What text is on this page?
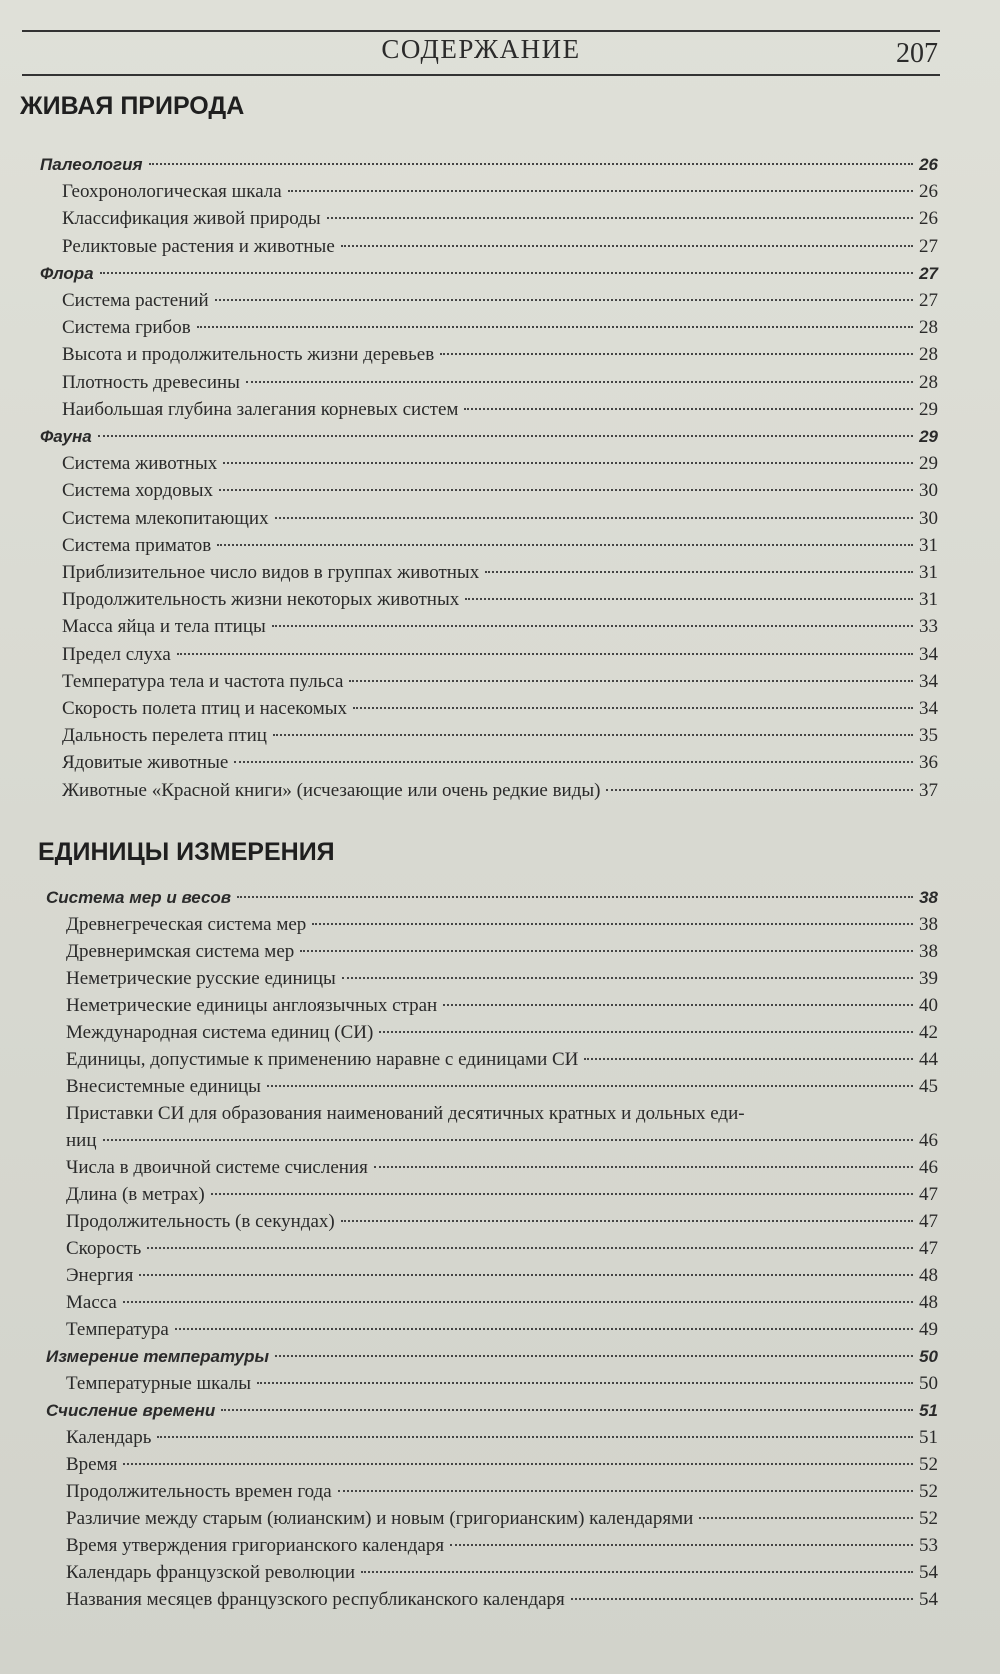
СОДЕРЖАНИЕ	207
ЖИВАЯ ПРИРОДА
ЕДИНИЦЫ ИЗМЕРЕНИЯ
Палеология	26
Геохронологическая шкала	26
Классификация живой природы	26
Реликтовые растения и животные	27
Флора	27
Система растений	27
Система грибов	28
Высота и продолжительность жизни деревьев	28
Плотность древесины	28
Наибольшая глубина залегания корневых систем	29
Фауна	29
Система животных	29
Система хордовых	30
Система млекопитающих	30
Система приматов	31
Приблизительное число видов в группах животных	31
Продолжительность жизни некоторых животных	31
Масса яйца и тела птицы	33
Предел слуха	34
Температура тела и частота пульса	34
Скорость полета птиц и насекомых	34
Дальность перелета птиц	35
Ядовитые животные	36
Животные «Красной книги» (исчезающие или очень редкие виды)	37
Система мер и весов	38
Древнегреческая система мер	38
Древнеримская система мер	38
Неметрические русские единицы	39
Неметрические единицы англоязычных стран	40
Международная система единиц (СИ)	42
Единицы, допустимые к применению наравне с единицами СИ	44
Внесистемные единицы	45
Приставки СИ для образования наименований десятичных кратных и дольных еди-
ниц	46
Числа в двоичной системе счисления	46
Длина (в метрах)	47
Продолжительность (в секундах)	47
Скорость	47
Энергия	48
Масса	48
Температура	49
Измерение температуры	50
Температурные шкалы	50
Счисление времени	51
Календарь	51
Время	52
Продолжительность времен года	52
Различие между старым (юлианским) и новым (григорианским) календарями	52
Время утверждения григорианского календаря	53
Календарь французской революции	54
Названия месяцев французского республиканского календаря	54
